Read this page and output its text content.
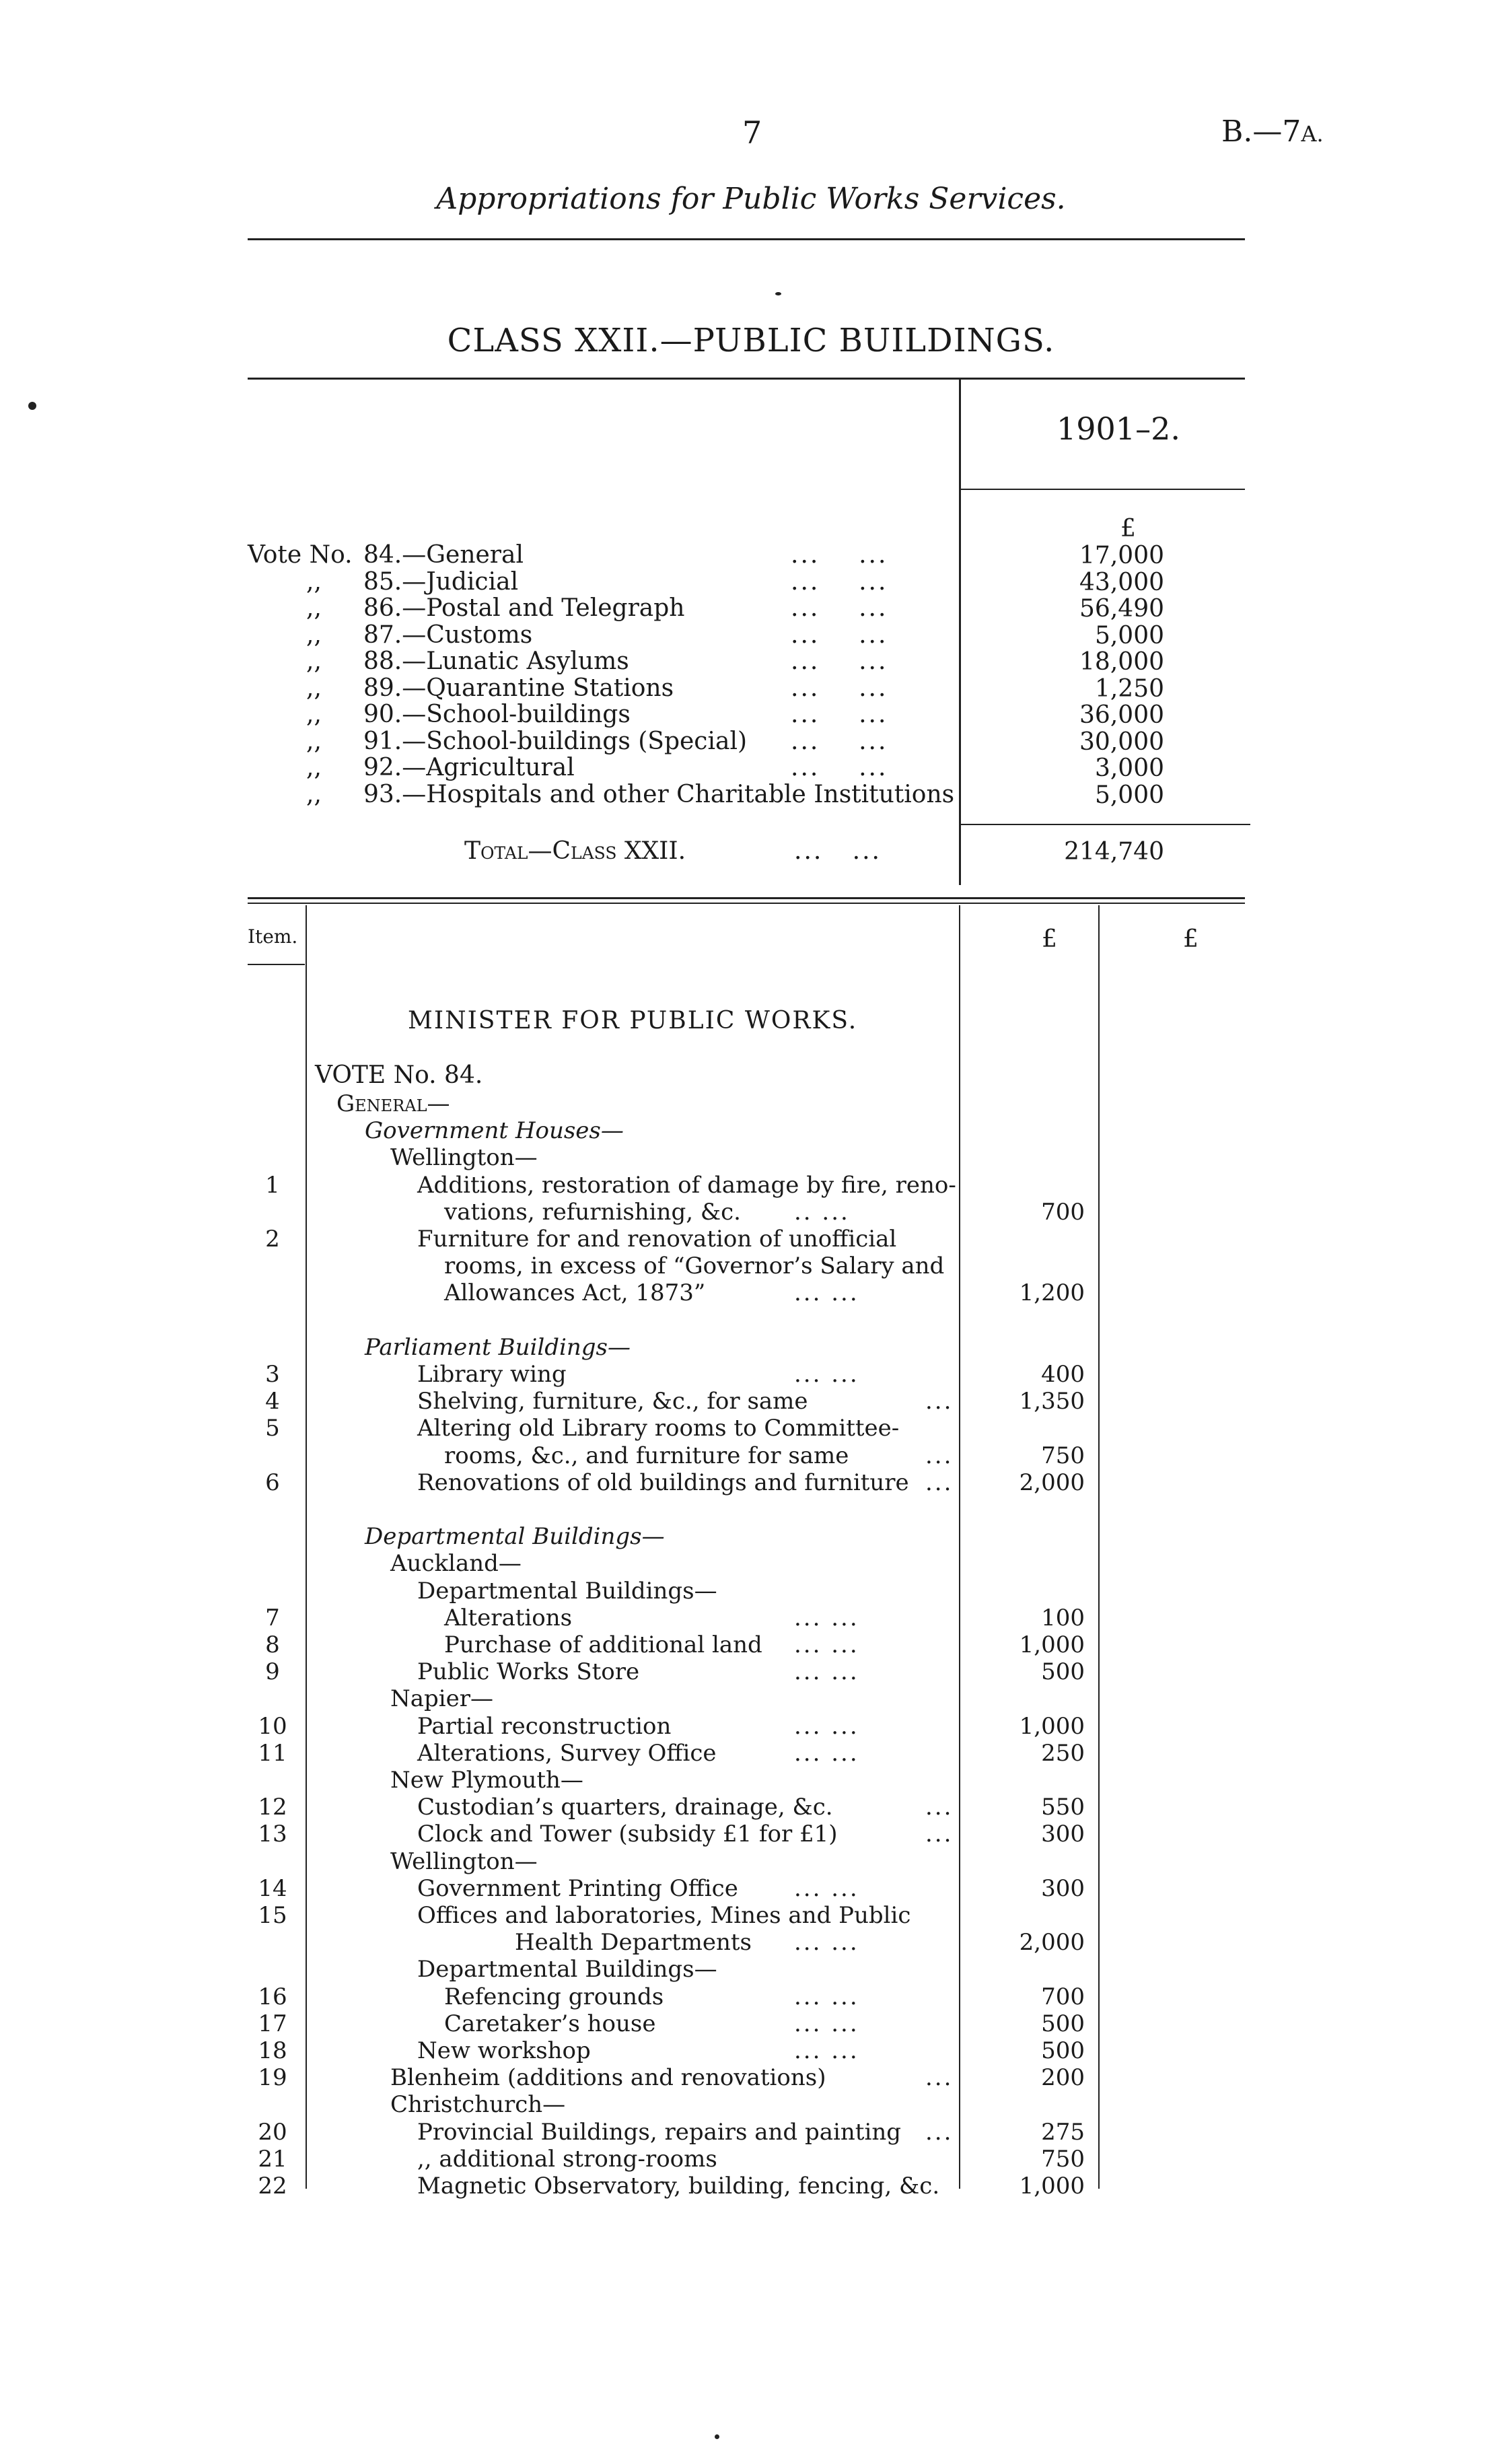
7	B.—7A.
Appropriations for Public Works Services.
CLASS XXII.—PUBLIC BUILDINGS.
1901–2.
£
Vote No. 84.—General	...    ...	17,000
,, 85.—Judicial	...    ...	43,000
,, 86.—Postal and Telegraph	...    ...	56,490
,, 87.—Customs	...    ...	5,000
,, 88.—Lunatic Asylums	...    ...	18,000
,, 89.—Quarantine Stations	...    ...	1,250
,, 90.—School-buildings	...    ...	36,000
,, 91.—School-buildings (Special) ...    ...	30,000
,, 92.—Agricultural	...    ...	3,000
,, 93.—Hospitals and other Charitable Institutions	5,000
Total—Class XXII.	...   ...	214,740
Item.	£	£
MINISTER FOR PUBLIC WORKS.
VOTE No. 84.
General—
Government Houses—
Wellington—
1	Additions, restoration of damage by fire, reno-
vations, refurnishing, &c. .. ...	700
2	Furniture for and renovation of unofficial
rooms, in excess of “Governor’s Salary and
Allowances Act, 1873”	... ...	1,200
Parliament Buildings—
3	Library wing	... ...	400
4	Shelving, furniture, &c., for same	...	1,350
5	Altering old Library rooms to Committee-
rooms, &c., and furniture for same	...	750
6	Renovations of old buildings and furniture ...	2,000
Departmental Buildings—
Auckland—
Departmental Buildings—
7	Alterations	... ...	100
8	Purchase of additional land ... ...	1,000
9	Public Works Store	... ...	500
Napier—
10	Partial reconstruction	... ...	1,000
11	Alterations, Survey Office	... ...	250
New Plymouth—
12	Custodian’s quarters, drainage, &c.	...	550
13	Clock and Tower (subsidy £1 for £1)	...	300
Wellington—
14	Government Printing Office ... ...	300
15	Offices and laboratories, Mines and Public
Health Departments ... ...	2,000
Departmental Buildings—
16	Refencing grounds	... ...	700
17	Caretaker’s house	... ...	500
18	New workshop	... ...	500
19	Blenheim (additions and renovations)	...	200
Christchurch—
20	Provincial Buildings, repairs and painting ...	275
21	,, additional strong-rooms	750
22	Magnetic Observatory, building, fencing, &c.	1,000
